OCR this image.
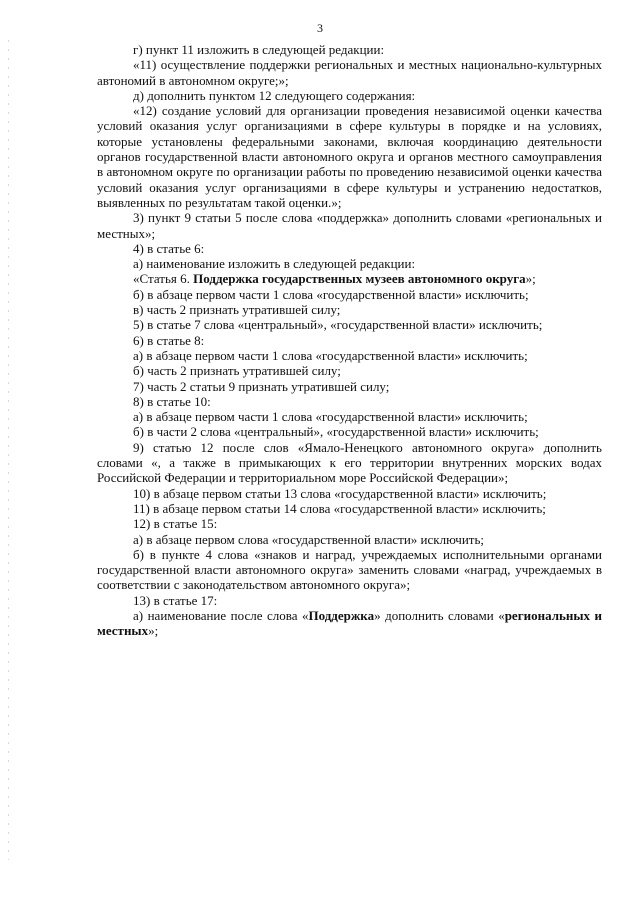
3

г) пункт 11 изложить в следующей редакции:

«11) осуществление поддержки региональных и местных национально-культурных автономий в автономном округе;»;

д) дополнить пунктом 12 следующего содержания:

«12) создание условий для организации проведения независимой оценки качества условий оказания услуг организациями в сфере культуры в порядке и на условиях, которые установлены федеральными законами, включая координацию деятельности органов государственной власти автономного округа и органов местного самоуправления в автономном округе по организации работы по проведению независимой оценки качества условий оказания услуг организациями в сфере культуры и устранению недостатков, выявленных по результатам такой оценки.»;

3) пункт 9 статьи 5 после слова «поддержка» дополнить словами «региональных и местных»;

4) в статье 6:

а) наименование изложить в следующей редакции:

«Статья 6. Поддержка государственных музеев автономного округа»;

б) в абзаце первом части 1 слова «государственной власти» исключить;

в) часть 2 признать утратившей силу;

5) в статье 7 слова «центральный», «государственной власти» исключить;

6) в статье 8:

а) в абзаце первом части 1 слова «государственной власти» исключить;

б) часть 2 признать утратившей силу;

7) часть 2 статьи 9 признать утратившей силу;

8) в статье 10:

а) в абзаце первом части 1 слова «государственной власти» исключить;

б) в части 2 слова «центральный», «государственной власти» исключить;

9) статью 12 после слов «Ямало-Ненецкого автономного округа» дополнить словами «, а также в примыкающих к его территории внутренних морских водах Российской Федерации и территориальном море Российской Федерации»;

10) в абзаце первом статьи 13 слова «государственной власти» исключить;

11) в абзаце первом статьи 14 слова «государственной власти» исключить;

12) в статье 15:

а) в абзаце первом слова «государственной власти» исключить;

б) в пункте 4 слова «знаков и наград, учреждаемых исполнительными органами государственной власти автономного округа» заменить словами «наград, учреждаемых в соответствии с законодательством автономного округа»;

13) в статье 17:

а) наименование после слова «Поддержка» дополнить словами «региональных и местных»;
